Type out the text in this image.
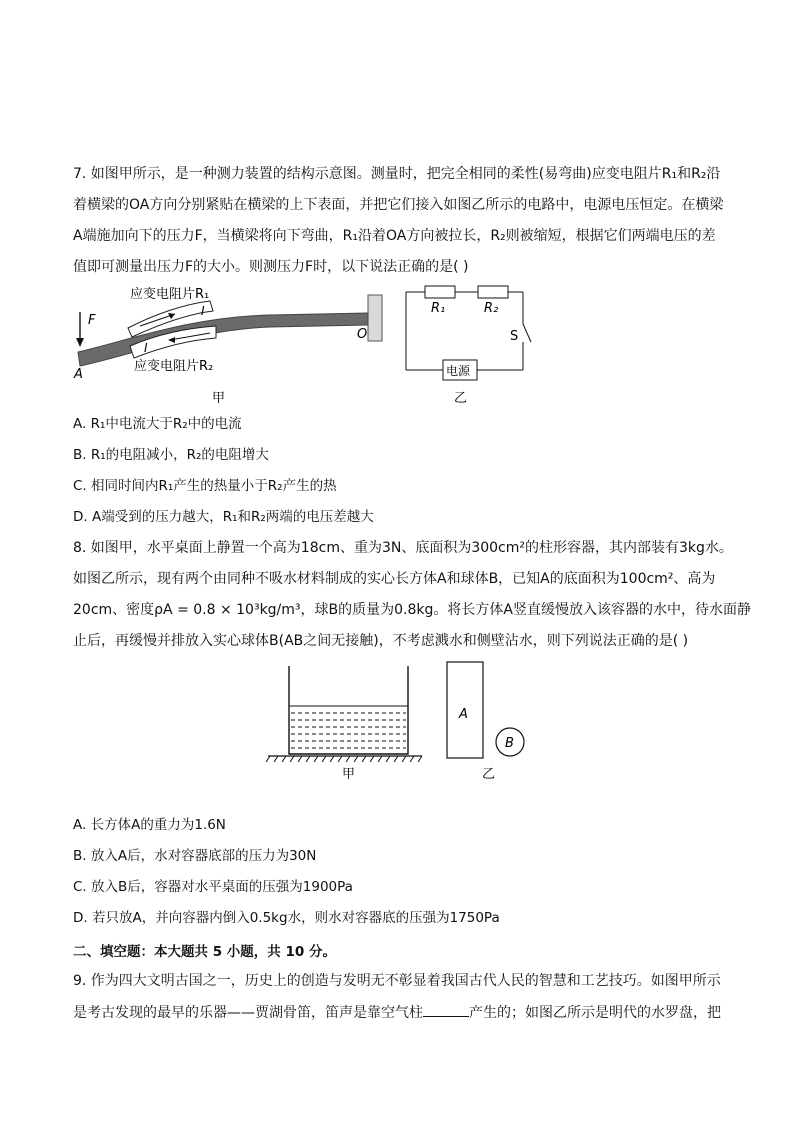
7. 如图甲所示，是一种测力装置的结构示意图。测量时，把完全相同的柔性(易弯曲)应变电阻片R₁和R₂沿
着横梁的OA方向分别紧贴在横梁的上下表面，并把它们接入如图乙所示的电路中，电源电压恒定。在横梁
A端施加向下的压力F，当横梁将向下弯曲，R₁沿着OA方向被拉长，R₂则被缩短，根据它们两端电压的差
值即可测量出压力F的大小。则测压力F时，以下说法正确的是( )
F
A
O
I
I
应变电阻片R₁
应变电阻片R₂
甲
R₁	R₂
S
电源
乙
A. R₁中电流大于R₂中的电流
B. R₁的电阻减小，R₂的电阻增大
C. 相同时间内R₁产生的热量小于R₂产生的热
D. A端受到的压力越大，R₁和R₂两端的电压差越大
8. 如图甲，水平桌面上静置一个高为18cm、重为3N、底面积为300cm²的柱形容器，其内部装有3kg水。
如图乙所示，现有两个由同种不吸水材料制成的实心长方体A和球体B，已知A的底面积为100cm²、高为
20cm、密度ρA = 0.8 × 10³kg/m³，球B的质量为0.8kg。将长方体A竖直缓慢放入该容器的水中，待水面静
止后，再缓慢并排放入实心球体B(AB之间无接触)，不考虑溅水和侧壁沾水，则下列说法正确的是( )
A
B
甲	乙
A. 长方体A的重力为1.6N
B. 放入A后，水对容器底部的压力为30N
C. 放入B后，容器对水平桌面的压强为1900Pa
D. 若只放A，并向容器内倒入0.5kg水，则水对容器底的压强为1750Pa
二、填空题：本大题共 5 小题，共 10 分。
9. 作为四大文明古国之一，历史上的创造与发明无不彰显着我国古代人民的智慧和工艺技巧。如图甲所示
是考古发现的最早的乐器——贾湖骨笛，笛声是靠空气柱	产生的；如图乙所示是明代的水罗盘，把
